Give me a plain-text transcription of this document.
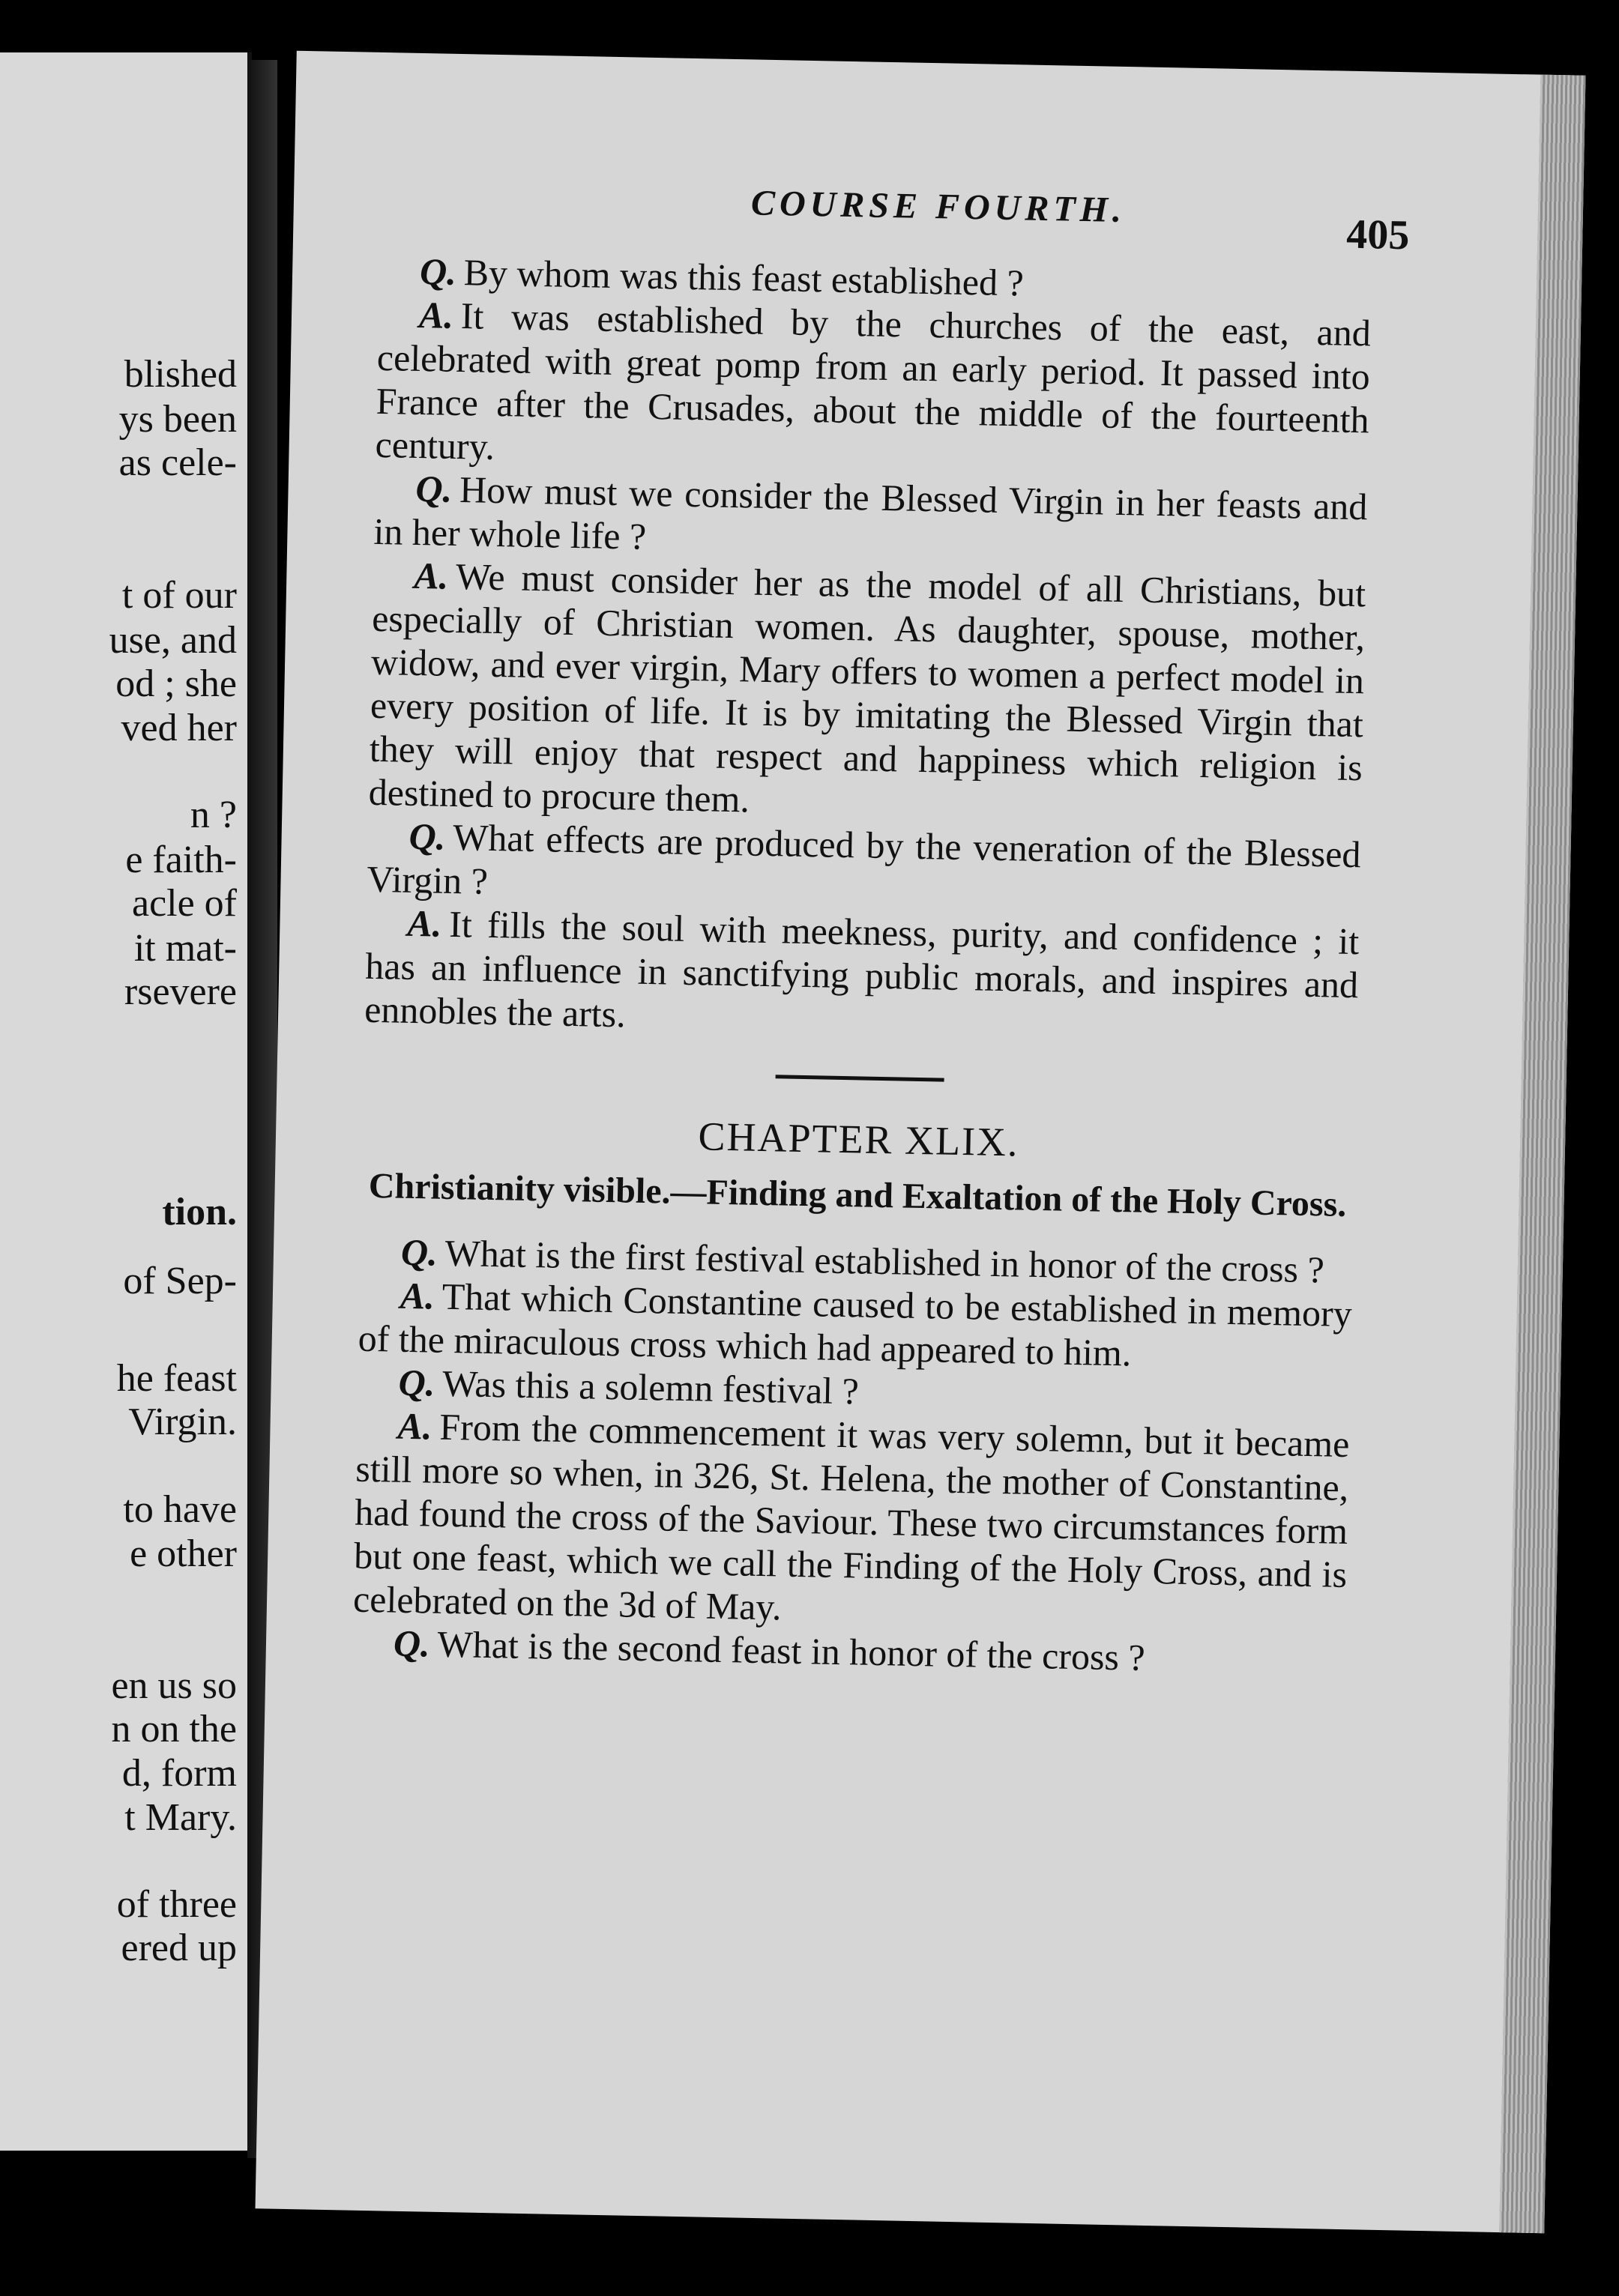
blished
ys been
as cele-
t of our
use, and
od ; she
ved her
n ?
e faith-
acle of
it mat-
rsevere
tion.
of Sep-
he feast
Virgin.
to have
e other
en us so
n on the
d, form
t Mary.
of three
ered up
COURSE FOURTH.
405

Q. By whom was this feast established ?

A. It was established by the churches of the east, and celebrated with great pomp from an early period. It passed into France after the Crusades, about the middle of the fourteenth century.

Q. How must we consider the Blessed Virgin in her feasts and in her whole life ?

A. We must consider her as the model of all Christians, but especially of Christian women. As daughter, spouse, mother, widow, and ever virgin, Mary offers to women a perfect model in every position of life. It is by imitating the Blessed Virgin that they will enjoy that respect and happiness which religion is destined to procure them.

Q. What effects are produced by the veneration of the Blessed Virgin ?

A. It fills the soul with meekness, purity, and confidence ; it has an influence in sanctifying public morals, and inspires and ennobles the arts.

CHAPTER XLIX.
Christianity visible.—Finding and Exaltation of the Holy Cross.

Q. What is the first festival established in honor of the cross ?

A. That which Constantine caused to be established in memory of the miraculous cross which had appeared to him.

Q. Was this a solemn festival ?

A. From the commencement it was very solemn, but it became still more so when, in 326, St. Helena, the mother of Constantine, had found the cross of the Saviour. These two circumstances form but one feast, which we call the Finding of the Holy Cross, and is celebrated on the 3d of May.

Q. What is the second feast in honor of the cross ?
